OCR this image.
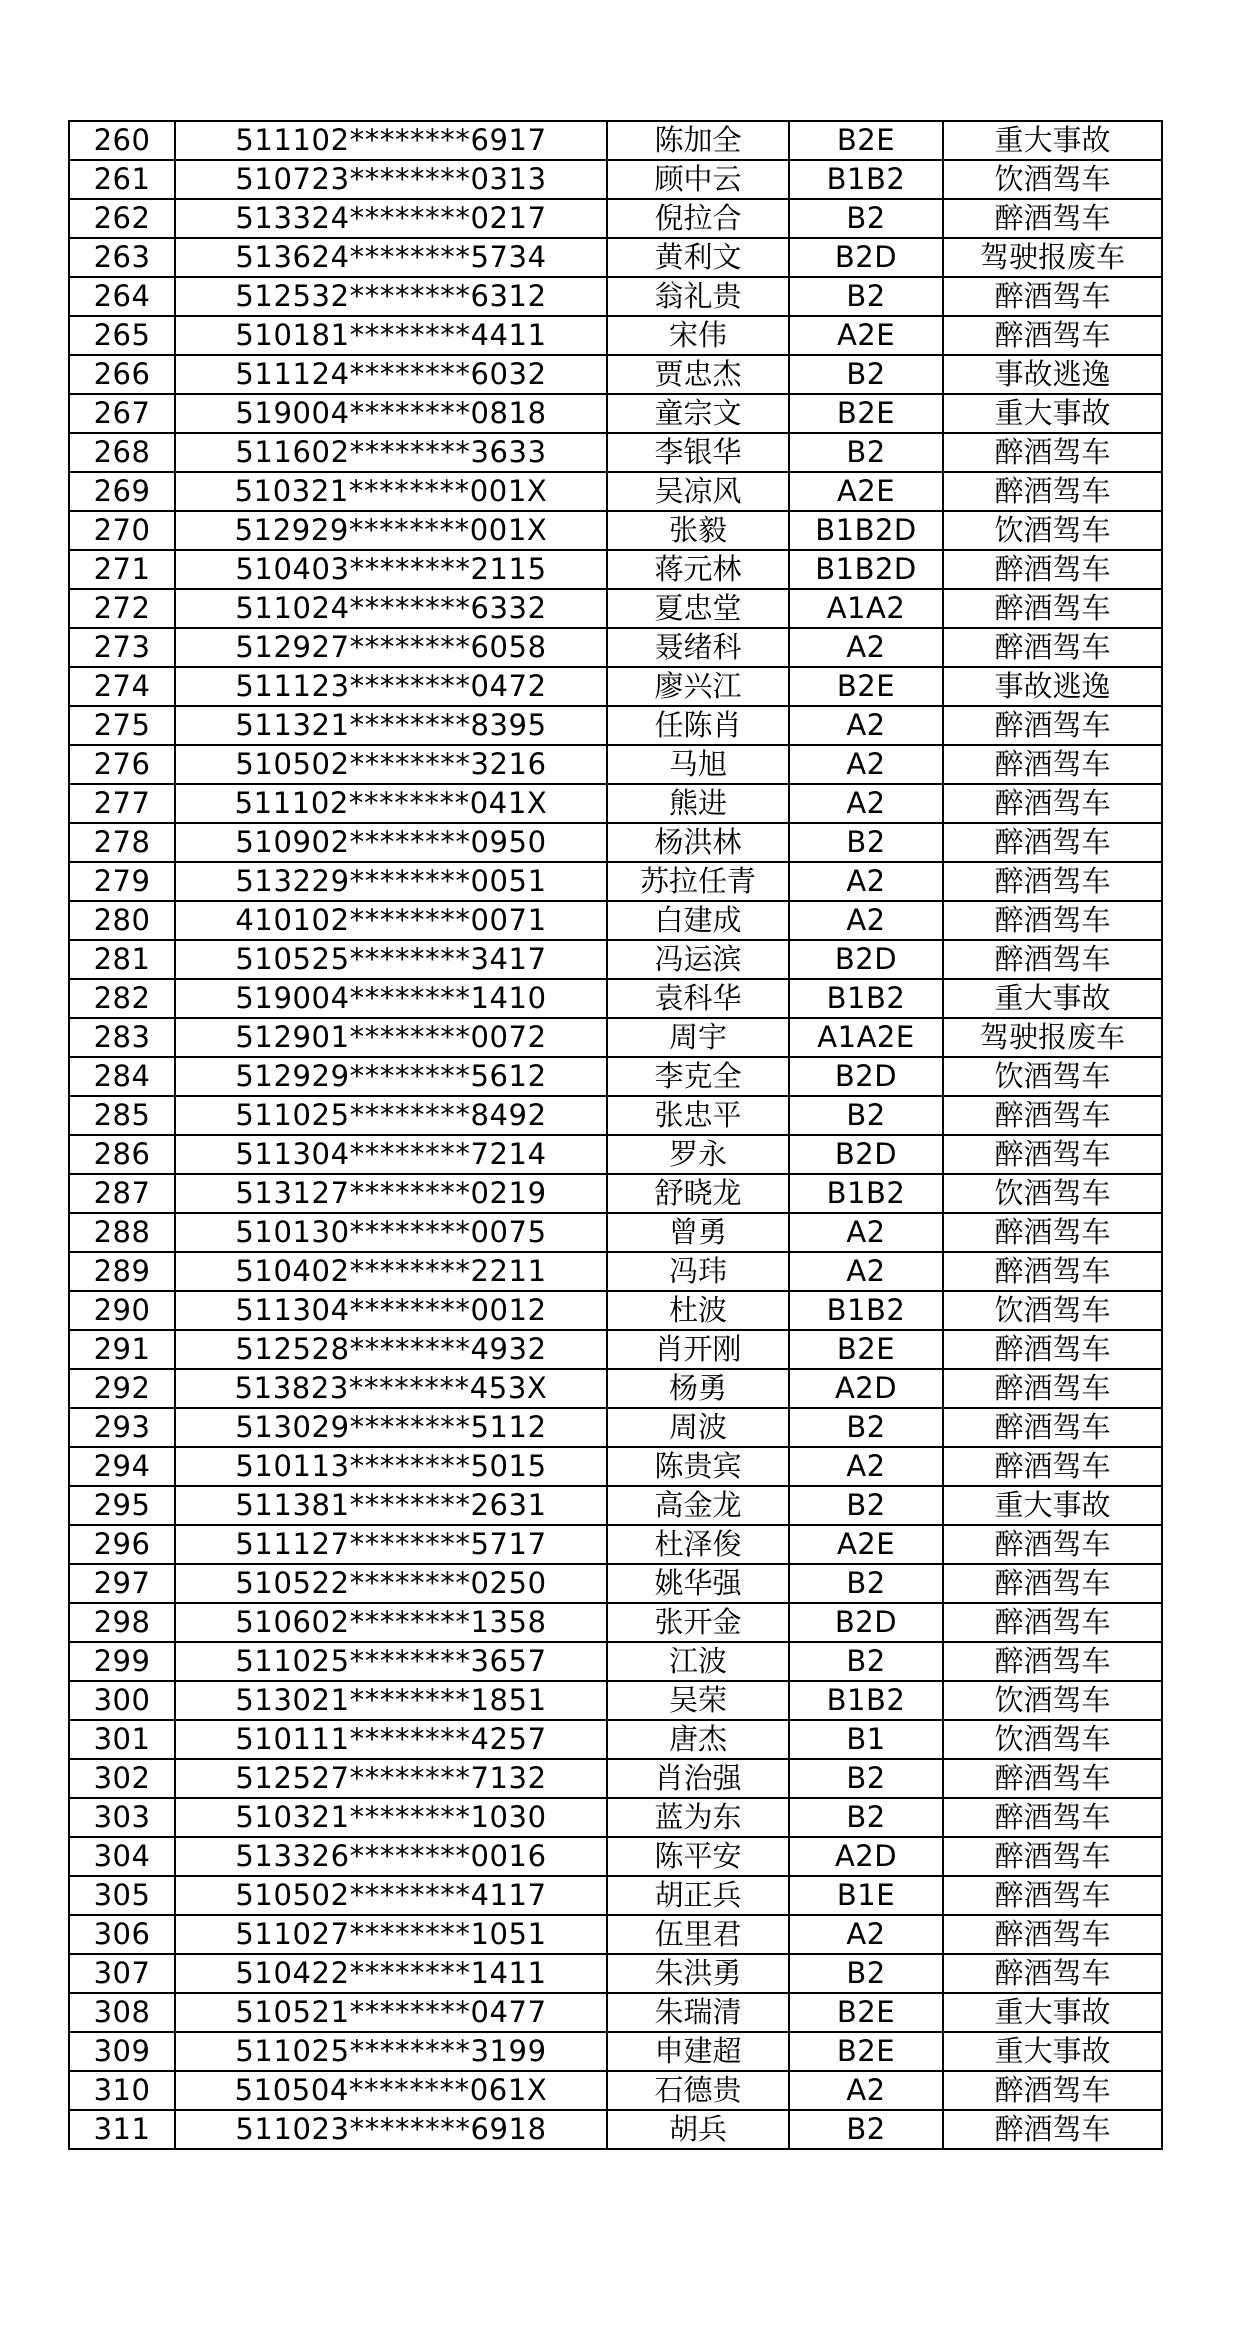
260	511102********6917	陈加全	B2E	重大事故
261	510723********0313	顾中云	B1B2	饮酒驾车
262	513324********0217	倪拉合	B2	醉酒驾车
263	513624********5734	黄利文	B2D	驾驶报废车
264	512532********6312	翁礼贵	B2	醉酒驾车
265	510181********4411	宋伟	A2E	醉酒驾车
266	511124********6032	贾忠杰	B2	事故逃逸
267	519004********0818	童宗文	B2E	重大事故
268	511602********3633	李银华	B2	醉酒驾车
269	510321********001X	吴凉风	A2E	醉酒驾车
270	512929********001X	张毅	B1B2D	饮酒驾车
271	510403********2115	蒋元林	B1B2D	醉酒驾车
272	511024********6332	夏忠堂	A1A2	醉酒驾车
273	512927********6058	聂绪科	A2	醉酒驾车
274	511123********0472	廖兴江	B2E	事故逃逸
275	511321********8395	任陈肖	A2	醉酒驾车
276	510502********3216	马旭	A2	醉酒驾车
277	511102********041X	熊进	A2	醉酒驾车
278	510902********0950	杨洪林	B2	醉酒驾车
279	513229********0051	苏拉任青	A2	醉酒驾车
280	410102********0071	白建成	A2	醉酒驾车
281	510525********3417	冯运滨	B2D	醉酒驾车
282	519004********1410	袁科华	B1B2	重大事故
283	512901********0072	周宇	A1A2E	驾驶报废车
284	512929********5612	李克全	B2D	饮酒驾车
285	511025********8492	张忠平	B2	醉酒驾车
286	511304********7214	罗永	B2D	醉酒驾车
287	513127********0219	舒晓龙	B1B2	饮酒驾车
288	510130********0075	曾勇	A2	醉酒驾车
289	510402********2211	冯玮	A2	醉酒驾车
290	511304********0012	杜波	B1B2	饮酒驾车
291	512528********4932	肖开刚	B2E	醉酒驾车
292	513823********453X	杨勇	A2D	醉酒驾车
293	513029********5112	周波	B2	醉酒驾车
294	510113********5015	陈贵宾	A2	醉酒驾车
295	511381********2631	高金龙	B2	重大事故
296	511127********5717	杜泽俊	A2E	醉酒驾车
297	510522********0250	姚华强	B2	醉酒驾车
298	510602********1358	张开金	B2D	醉酒驾车
299	511025********3657	江波	B2	醉酒驾车
300	513021********1851	吴荣	B1B2	饮酒驾车
301	510111********4257	唐杰	B1	饮酒驾车
302	512527********7132	肖治强	B2	醉酒驾车
303	510321********1030	蓝为东	B2	醉酒驾车
304	513326********0016	陈平安	A2D	醉酒驾车
305	510502********4117	胡正兵	B1E	醉酒驾车
306	511027********1051	伍里君	A2	醉酒驾车
307	510422********1411	朱洪勇	B2	醉酒驾车
308	510521********0477	朱瑞清	B2E	重大事故
309	511025********3199	申建超	B2E	重大事故
310	510504********061X	石德贵	A2	醉酒驾车
311	511023********6918	胡兵	B2	醉酒驾车
